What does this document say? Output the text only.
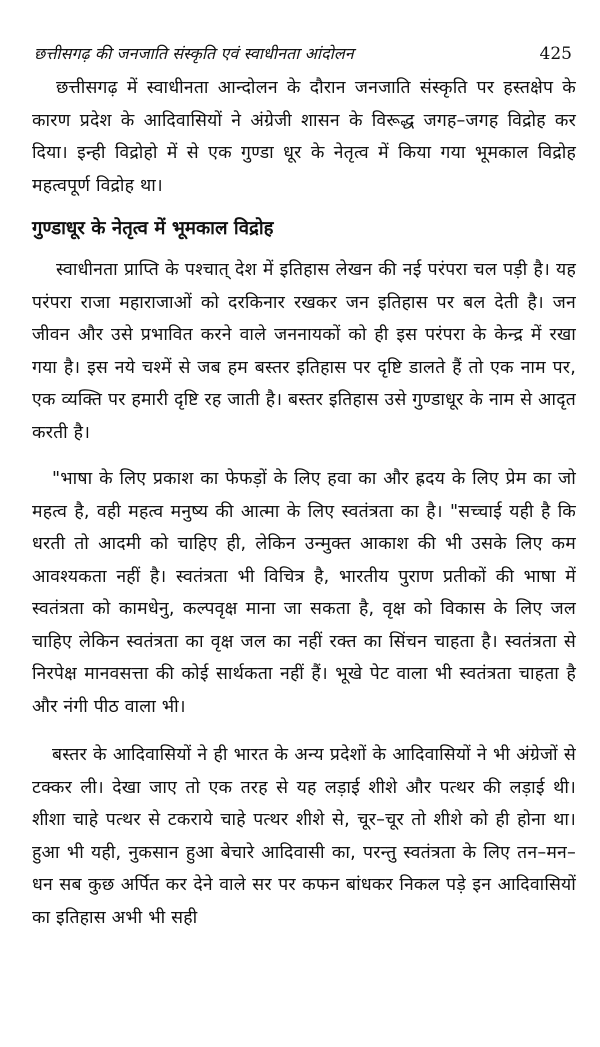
छत्तीसगढ़ की जनजाति संस्कृति एवं स्वाधीनता आंदोलन	425

छत्तीसगढ़ में स्वाधीनता आन्दोलन के दौरान जनजाति संस्कृति पर हस्तक्षेप के कारण प्रदेश के आदिवासियों ने अंग्रेजी शासन के विरूद्ध जगह–जगह विद्रोह कर दिया। इन्ही विद्रोहो में से एक गुण्डा धूर के नेतृत्व में किया गया भूमकाल विद्रोह महत्वपूर्ण विद्रोह था।

गुण्डाधूर के नेतृत्व में भूमकाल विद्रोह

स्वाधीनता प्राप्ति के पश्चात् देश में इतिहास लेखन की नई परंपरा चल पड़ी है। यह परंपरा राजा महाराजाओं को दरकिनार रखकर जन इतिहास पर बल देती है। जन जीवन और उसे प्रभावित करने वाले जननायकों को ही इस परंपरा के केन्द्र में रखा गया है। इस नये चश्में से जब हम बस्तर इतिहास पर दृष्टि डालते हैं तो एक नाम पर, एक व्यक्ति पर हमारी दृष्टि रह जाती है। बस्तर इतिहास उसे गुण्डाधूर के नाम से आदृत करती है।

"भाषा के लिए प्रकाश का फेफड़ों के लिए हवा का और ह्रदय के लिए प्रेम का जो महत्व है, वही महत्व मनुष्य की आत्मा के लिए स्वतंत्रता का है। "सच्चाई यही है कि धरती तो आदमी को चाहिए ही, लेकिन उन्मुक्त आकाश की भी उसके लिए कम आवश्यकता नहीं है। स्वतंत्रता भी विचित्र है, भारतीय पुराण प्रतीकों की भाषा में स्वतंत्रता को कामधेनु, कल्पवृक्ष माना जा सकता है, वृक्ष को विकास के लिए जल चाहिए लेकिन स्वतंत्रता का वृक्ष जल का नहीं रक्त का सिंचन चाहता है। स्वतंत्रता से निरपेक्ष मानवसत्ता की कोई सार्थकता नहीं हैं। भूखे पेट वाला भी स्वतंत्रता चाहता है और नंगी पीठ वाला भी।

बस्तर के आदिवासियों ने ही भारत के अन्य प्रदेशों के आदिवासियों ने भी अंग्रेजों से टक्कर ली। देखा जाए तो एक तरह से यह लड़ाई शीशे और पत्थर की लड़ाई थी। शीशा चाहे पत्थर से टकराये चाहे पत्थर शीशे से, चूर–चूर तो शीशे को ही होना था। हुआ भी यही, नुकसान हुआ बेचारे आदिवासी का, परन्तु स्वतंत्रता के लिए तन–मन–धन सब कुछ अर्पित कर देने वाले सर पर कफन बांधकर निकल पड़े इन आदिवासियों का इतिहास अभी भी सही
